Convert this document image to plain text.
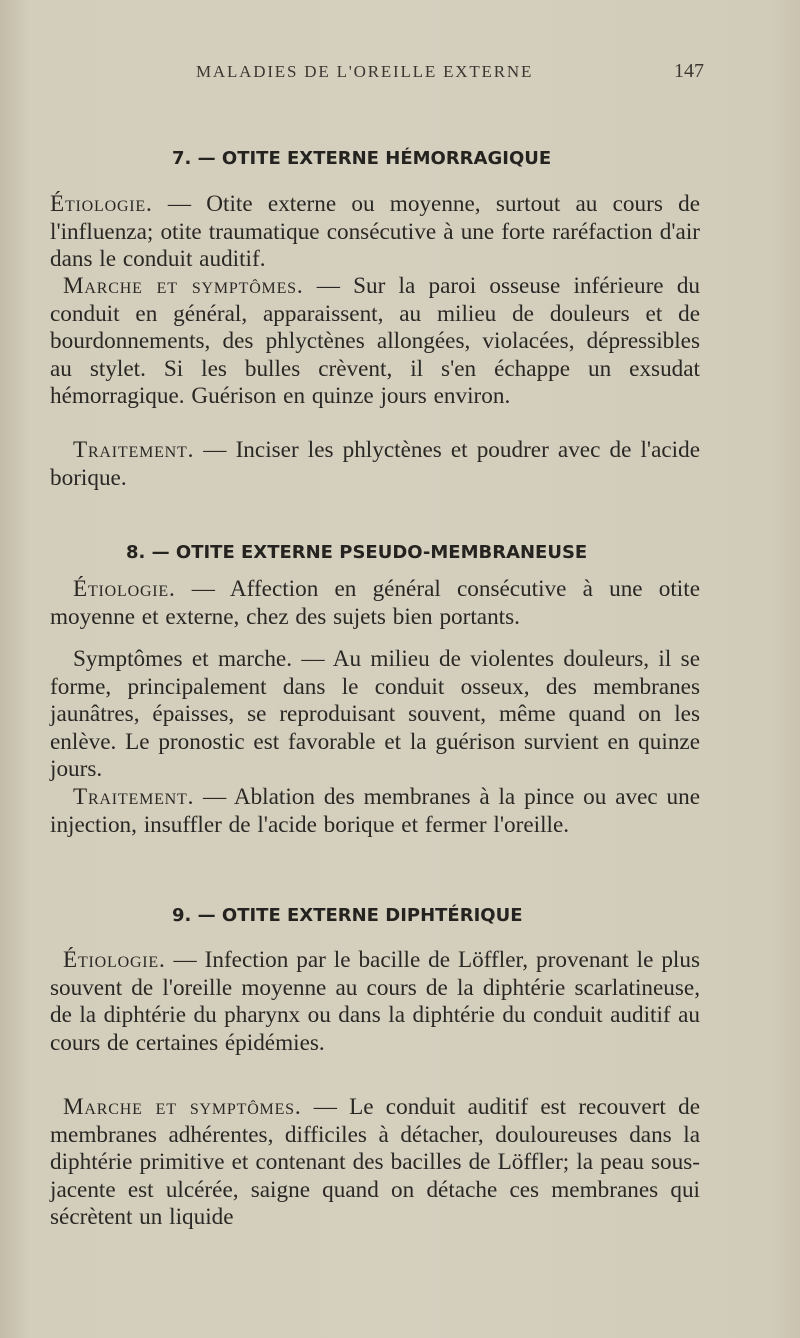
MALADIES DE L'OREILLE EXTERNE	147
7. — OTITE EXTERNE HÉMORRAGIQUE

Étiologie. — Otite externe ou moyenne, surtout au cours de l'influenza; otite traumatique consécutive à une forte raréfaction d'air dans le conduit auditif.

Marche et symptômes. — Sur la paroi osseuse inférieure du conduit en général, apparaissent, au milieu de douleurs et de bourdonnements, des phlyctènes allongées, violacées, dépressibles au stylet. Si les bulles crèvent, il s'en échappe un exsudat hémorragique. Guérison en quinze jours environ.

Traitement. — Inciser les phlyctènes et poudrer avec de l'acide borique.

8. — OTITE EXTERNE PSEUDO-MEMBRANEUSE

Étiologie. — Affection en général consécutive à une otite moyenne et externe, chez des sujets bien portants.

Symptômes et marche. — Au milieu de violentes douleurs, il se forme, principalement dans le conduit osseux, des membranes jaunâtres, épaisses, se reproduisant souvent, même quand on les enlève. Le pronostic est favorable et la guérison survient en quinze jours.

Traitement. — Ablation des membranes à la pince ou avec une injection, insuffler de l'acide borique et fermer l'oreille.

9. — OTITE EXTERNE DIPHTÉRIQUE

Étiologie. — Infection par le bacille de Löffler, provenant le plus souvent de l'oreille moyenne au cours de la diphtérie scarlatineuse, de la diphtérie du pharynx ou dans la diphtérie du conduit auditif au cours de certaines épidémies.

Marche et symptômes. — Le conduit auditif est recouvert de membranes adhérentes, difficiles à détacher, douloureuses dans la diphtérie primitive et contenant des bacilles de Löffler; la peau sous-jacente est ulcérée, saigne quand on détache ces membranes qui sécrètent un liquide
